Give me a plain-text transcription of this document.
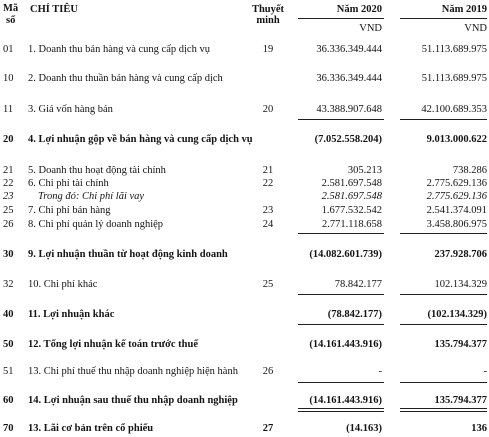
Mã
số
CHỈ TIÊU	Thuyết
minh
Năm 2020	Năm 2019
VND	VND
01 1. Doanh thu bán hàng và cung cấp dịch vụ	19	36.336.349.444	51.113.689.975
10 2. Doanh thu thuần bán hàng và cung cấp dịch	36.336.349.444	51.113.689.975
11 3. Giá vốn hàng bán	20	43.388.907.648	42.100.689.353
20 4. Lợi nhuận gộp về bán hàng và cung cấp dịch vụ	(7.052.558.204)	9.013.000.622
21 5. Doanh thu hoạt động tài chính	21	305.213	738.286
22 6. Chi phí tài chính	22	2.581.697.548	2.775.629.136
23 Trong đó: Chi phí lãi vay	2.581.697.548	2.775.629.136
25 7. Chi phí bán hàng	23	1.677.532.542	2.541.374.091
26 8. Chi phí quản lý doanh nghiệp	24	2.771.118.658	3.458.806.975
30 9. Lợi nhuận thuần từ hoạt động kinh doanh	(14.082.601.739)	237.928.706
32 10. Chi phí khác	25	78.842.177	102.134.329
40 11. Lợi nhuận khác	(78.842.177)	(102.134.329)
50 12. Tổng lợi nhuận kế toán trước thuế	(14.161.443.916)	135.794.377
51 13. Chi phí thuế thu nhập doanh nghiệp hiện hành	26	-	-
60 14. Lợi nhuận sau thuế thu nhập doanh nghiệp	(14.161.443.916)	135.794.377
70 13. Lãi cơ bản trên cổ phiếu	27	(14.163)	136
